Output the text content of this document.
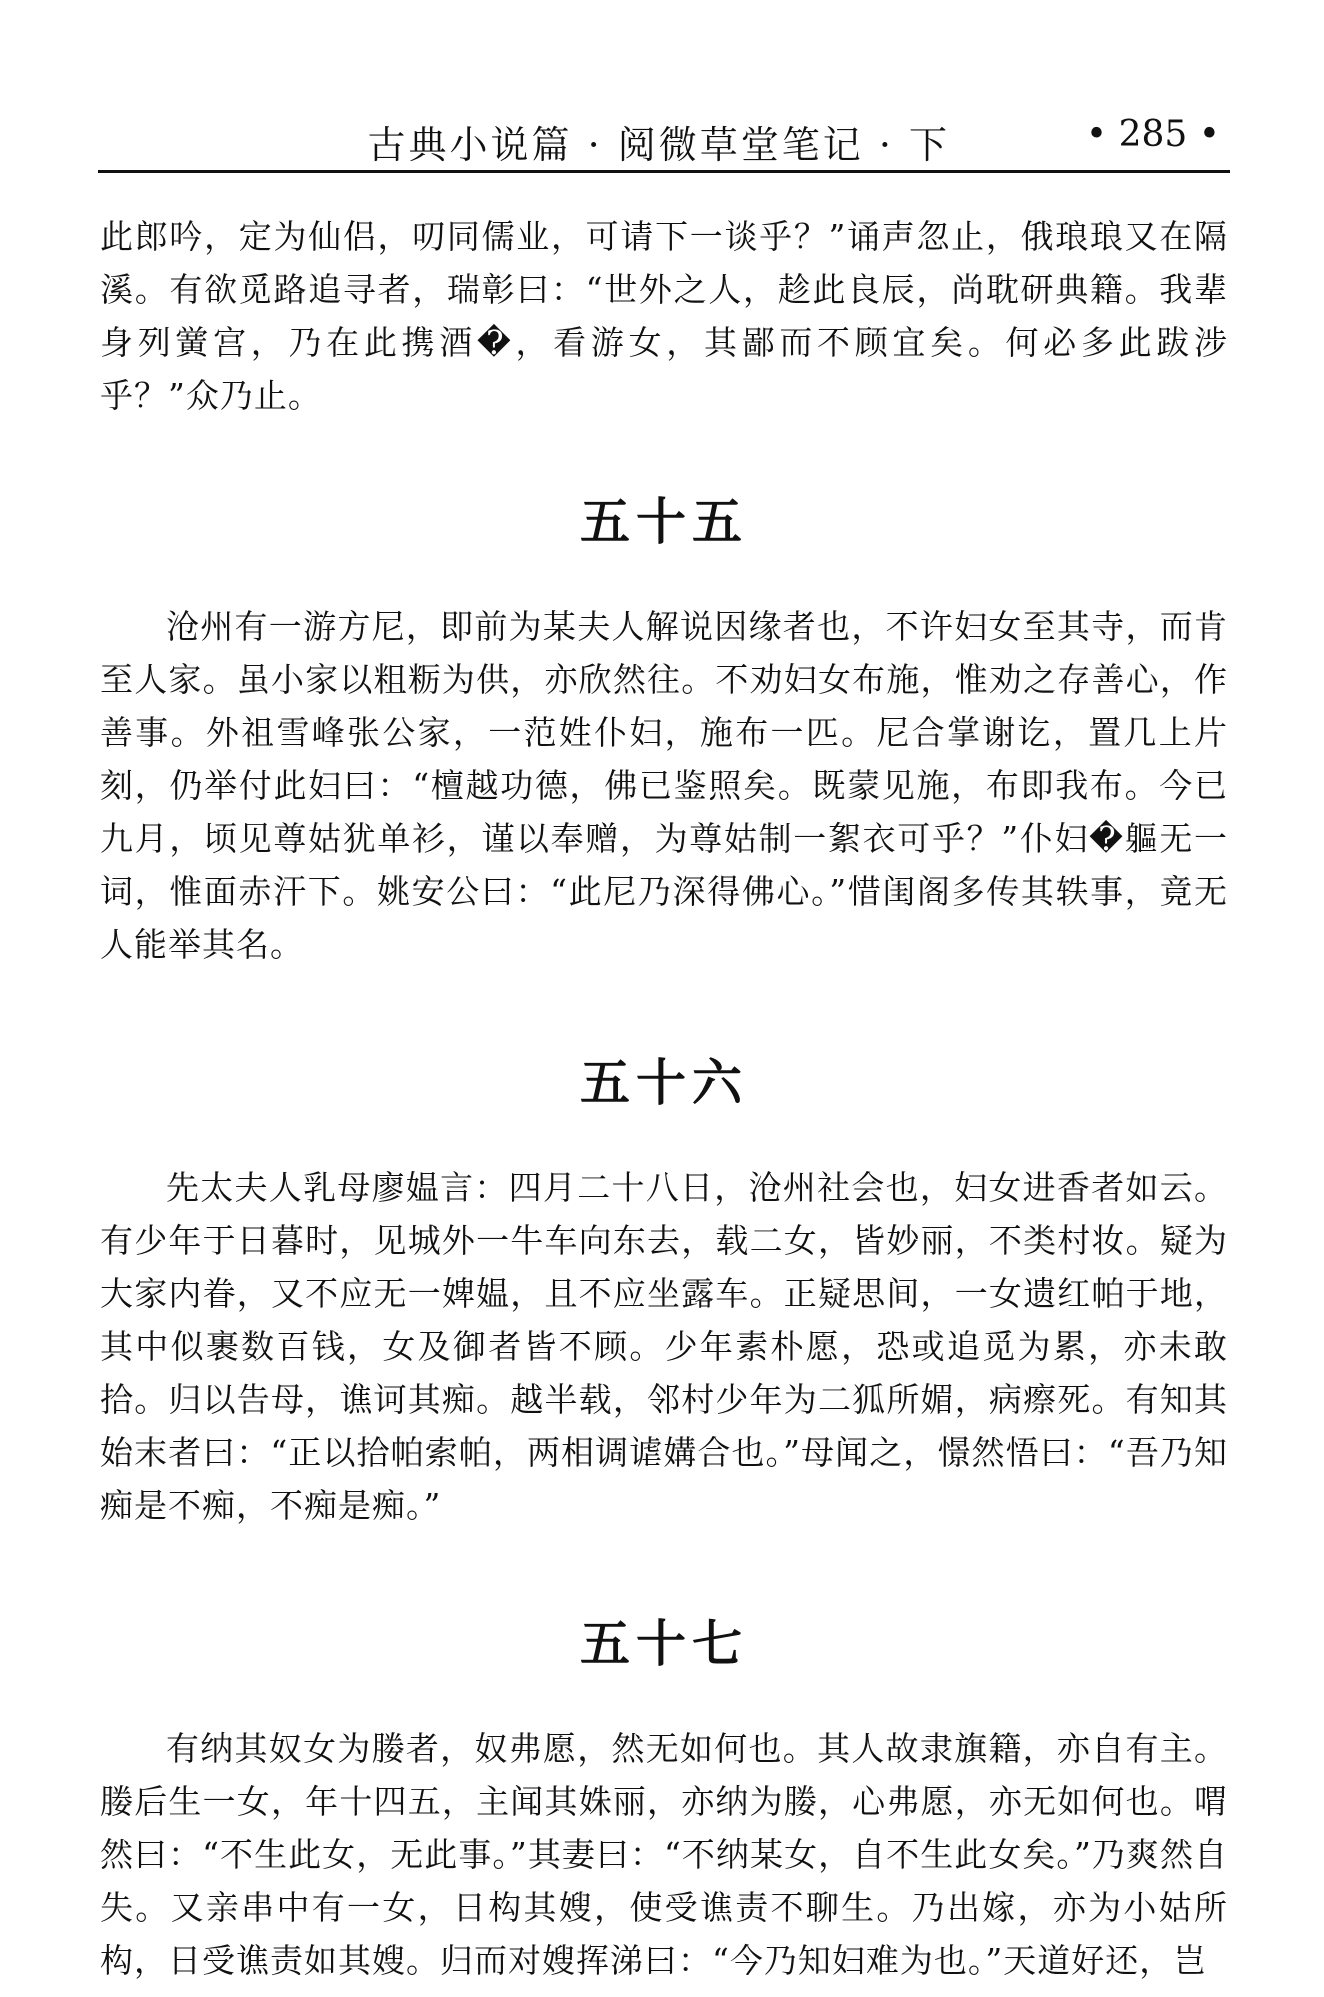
古典小说篇 · 阅微草堂笔记 · 下	• 285 •

此郎吟，定为仙侣，叨同儒业，可请下一谈乎？”诵声忽止，俄琅琅又在隔溪。有欲觅路追寻者，瑞彰曰：“世外之人，趁此良辰，尚耽研典籍。我辈身列黉宫，乃在此携酒�，看游女，其鄙而不顾宜矣。何必多此跋涉乎？”众乃止。

五十五

沧州有一游方尼，即前为某夫人解说因缘者也，不许妇女至其寺，而肯至人家。虽小家以粗粝为供，亦欣然往。不劝妇女布施，惟劝之存善心，作善事。外祖雪峰张公家，一范姓仆妇，施布一匹。尼合掌谢讫，置几上片刻，仍举付此妇曰：“檀越功德，佛已鉴照矣。既蒙见施，布即我布。今已九月，顷见尊姑犹单衫，谨以奉赠，为尊姑制一絮衣可乎？”仆妇�軀无一词，惟面赤汗下。姚安公曰：“此尼乃深得佛心。”惜闺阁多传其轶事，竟无人能举其名。

五十六

先太夫人乳母廖媪言：四月二十八日，沧州社会也，妇女进香者如云。有少年于日暮时，见城外一牛车向东去，载二女，皆妙丽，不类村妆。疑为大家内眷，又不应无一婢媪，且不应坐露车。正疑思间，一女遗红帕于地，其中似裹数百钱，女及御者皆不顾。少年素朴愿，恐或追觅为累，亦未敢拾。归以告母，谯诃其痴。越半载，邻村少年为二狐所媚，病瘵死。有知其始末者曰：“正以拾帕索帕，两相调谑媾合也。”母闻之，憬然悟曰：“吾乃知痴是不痴，不痴是痴。”

五十七

有纳其奴女为媵者，奴弗愿，然无如何也。其人故隶旗籍，亦自有主。媵后生一女，年十四五，主闻其姝丽，亦纳为媵，心弗愿，亦无如何也。喟然曰：“不生此女，无此事。”其妻曰：“不纳某女，自不生此女矣。”乃爽然自失。又亲串中有一女，日构其嫂，使受谯责不聊生。乃出嫁，亦为小姑所构，日受谯责如其嫂。归而对嫂挥涕曰：“今乃知妇难为也。”天道好还，岂
